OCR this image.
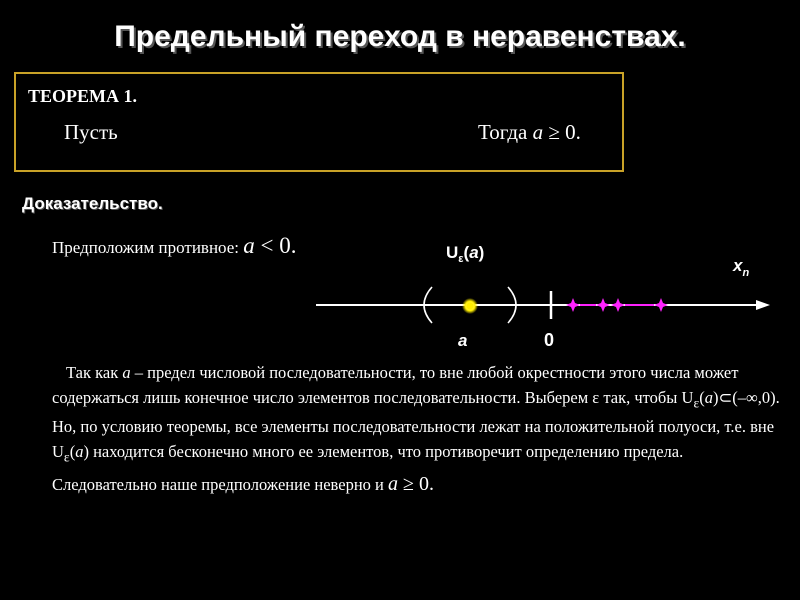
Предельный переход в неравенствах.
ТЕОРЕМА 1.
Пусть	Тогда a ≥ 0.
Доказательство.
Предположим противное: a < 0.	$U_\varepsilon(a)$
$x_n$
a	0
Так как a – предел числовой последовательности, то вне любой окрестности этого числа может содержаться лишь конечное число элементов последовательности. Выберем ε так, чтобы $U_\varepsilon(a)\subset(-\infty,0)$. Но, по условию теоремы, все элементы последовательности лежат на положительной полуоси, т.е. вне $U_\varepsilon(a)$ находится бесконечно много ее элементов, что противоречит определению предела. Следовательно наше предположение неверно и a ≥ 0.
